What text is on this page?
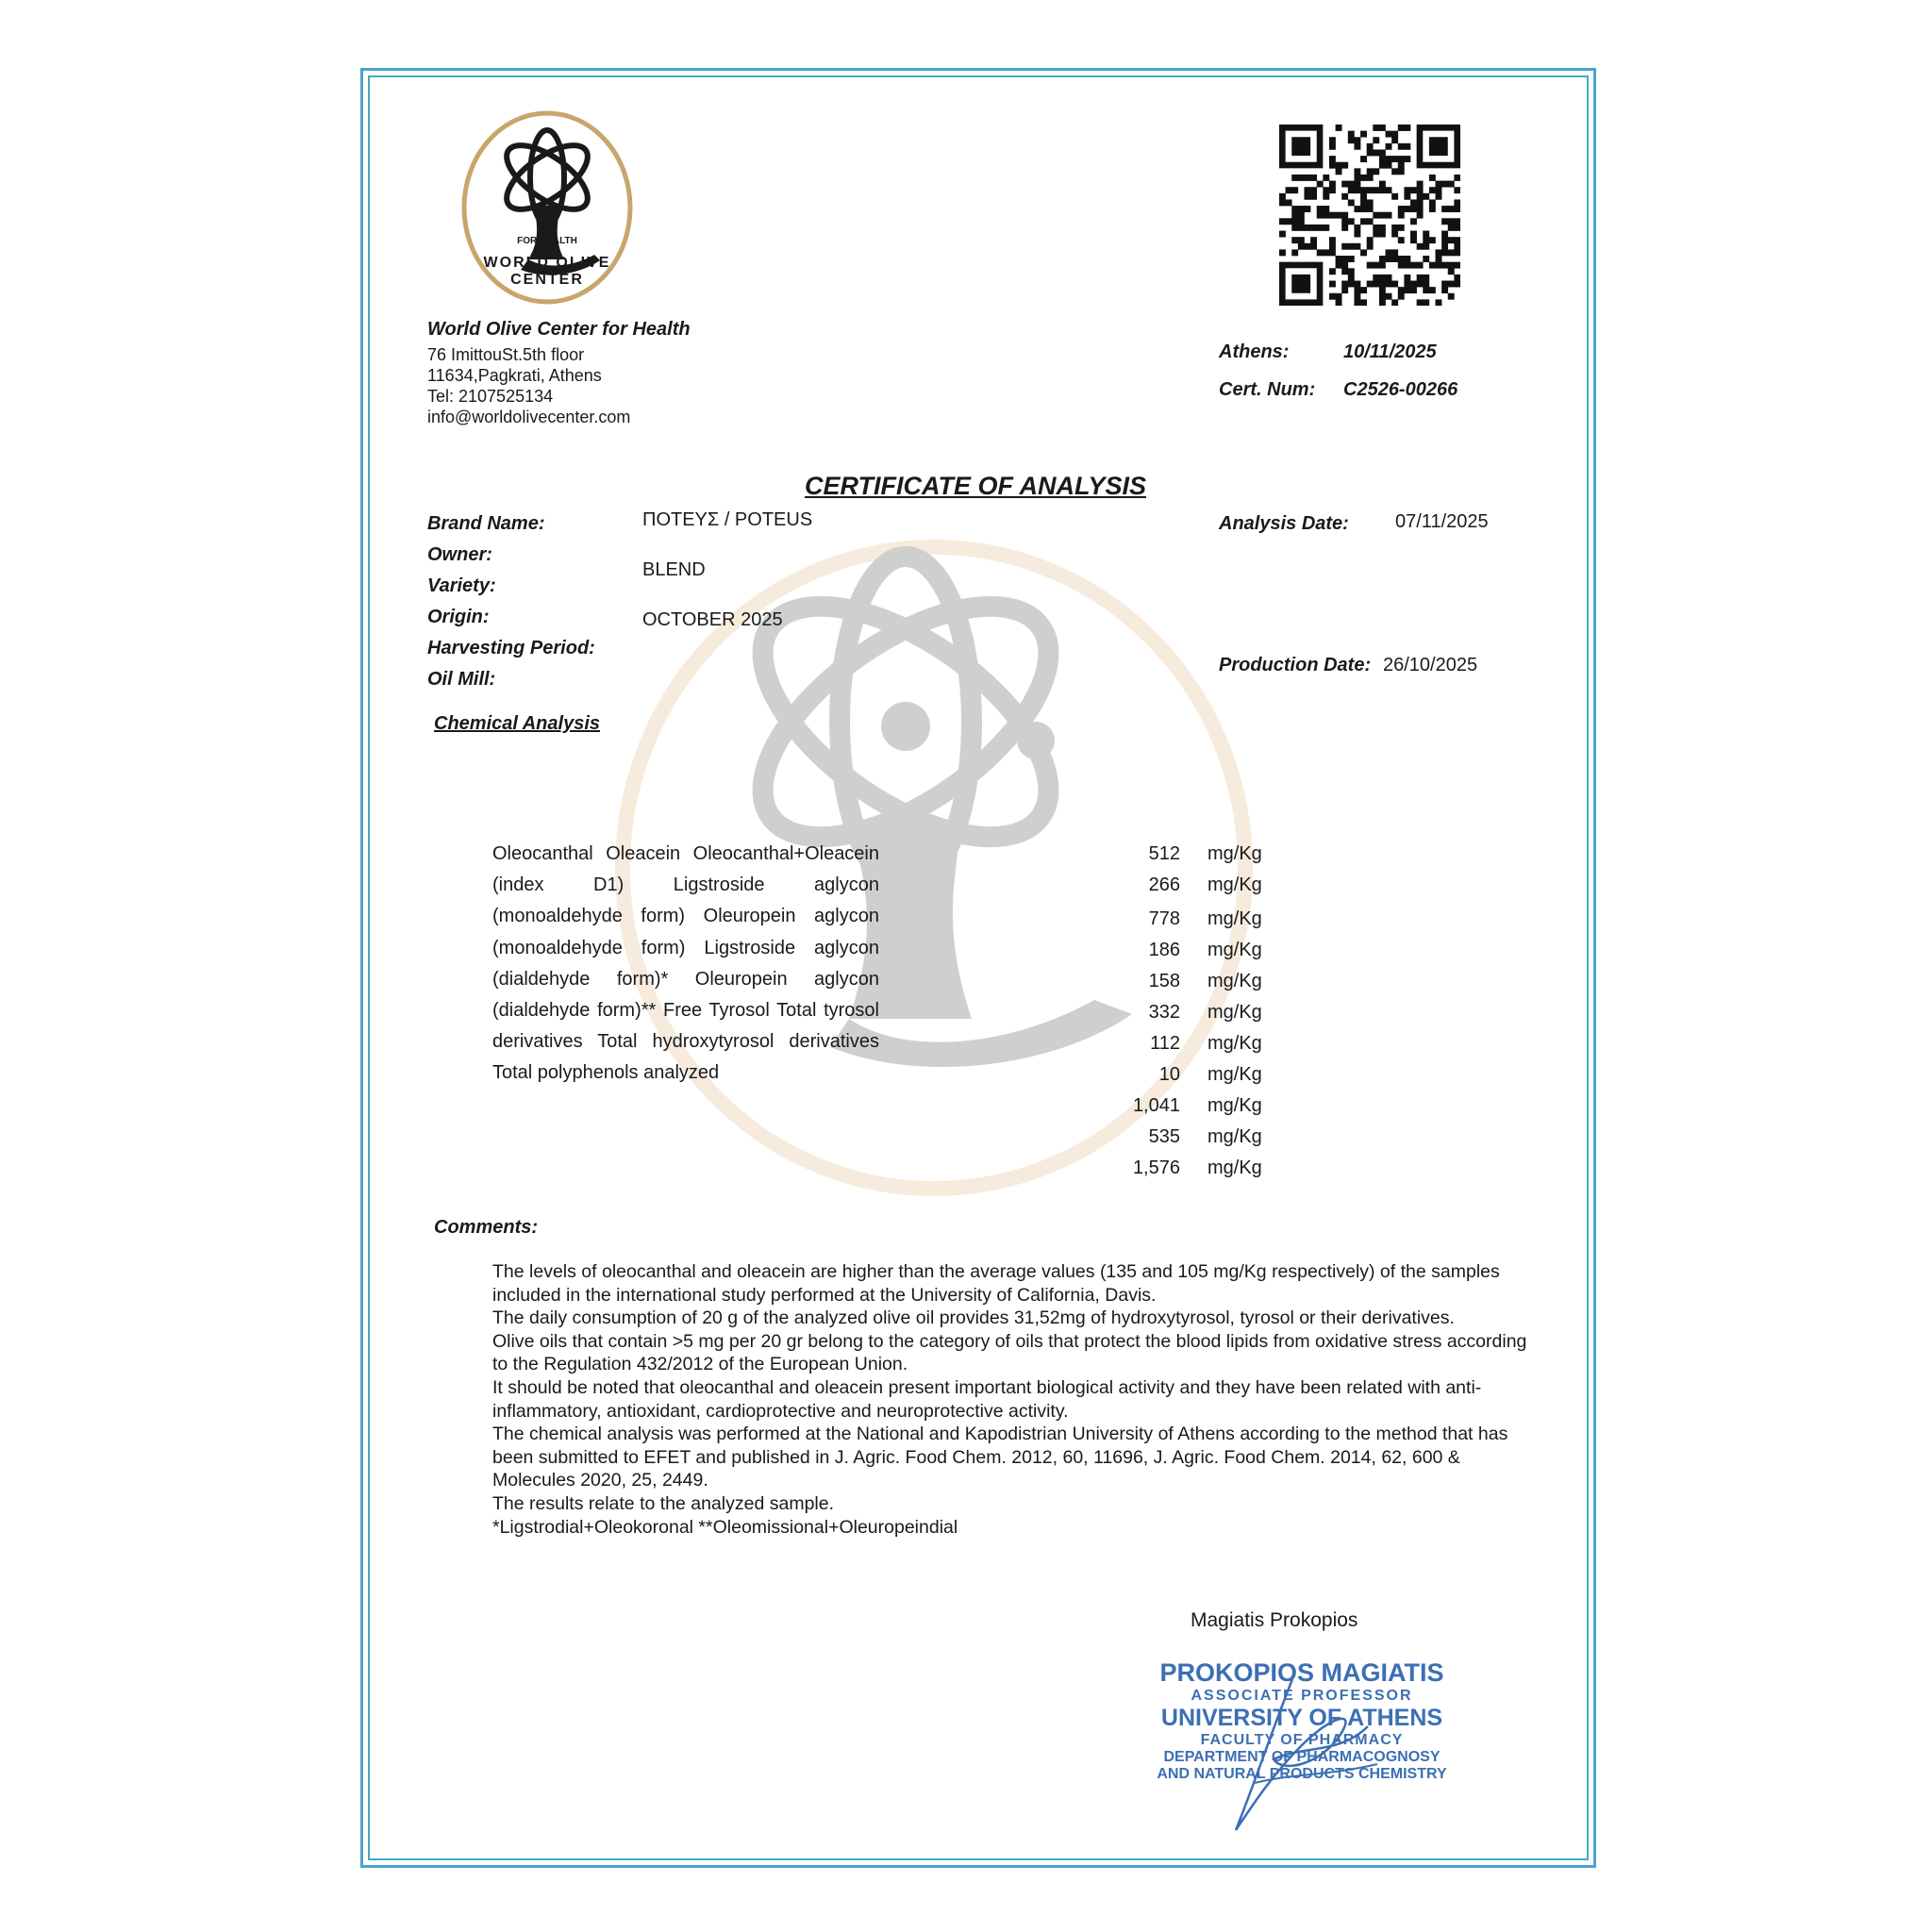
FOR HEALTH
WORLD OLIVE CENTER
World Olive Center for Health
76 ImittouSt.5th floor
11634,Pagkrati, Athens
Tel: 2107525134
info@worldolivecenter.com
Athens:	10/11/2025
Cert. Num: C2526-00266
CERTIFICATE OF ANALYSIS
Brand Name:
Owner:
Variety:
Origin:
Harvesting Period:
Oil Mill:
ΠΟΤΕΥΣ / POTEUS
BLEND
OCTOBER 2025
Analysis Date: 07/11/2025
Production Date: 26/10/2025
Chemical Analysis
Oleocanthal Oleacein Oleocanthal+Oleacein (index D1) Ligstroside aglycon (monoaldehyde form) Oleuropein aglycon (monoaldehyde form) Ligstroside aglycon (dialdehyde form)* Oleuropein aglycon (dialdehyde form)** Free Tyrosol Total tyrosol derivatives Total hydroxytyrosol derivatives Total polyphenols analyzed
512 mg/Kg
266 mg/Kg
778 mg/Kg
186 mg/Kg
158 mg/Kg
332 mg/Kg
112 mg/Kg
10 mg/Kg
1,041 mg/Kg
535 mg/Kg
1,576 mg/Kg
Comments:

The levels of oleocanthal and oleacein are higher than the average values (135 and 105 mg/Kg respectively) of the samples included in the international study performed at the University of California, Davis.

The daily consumption of 20 g of the analyzed olive oil provides 31,52mg of hydroxytyrosol, tyrosol or their derivatives.

Olive oils that contain >5 mg per 20 gr belong to the category of oils that protect the blood lipids from oxidative stress according to the Regulation 432/2012 of the European Union.

It should be noted that oleocanthal and oleacein present important biological activity and they have been related with anti-inflammatory, antioxidant, cardioprotective and neuroprotective activity.

The chemical analysis was performed at the National and Kapodistrian University of Athens according to the method that has been submitted to EFET and published in J. Agric. Food Chem. 2012, 60, 11696, J. Agric. Food Chem. 2014, 62, 600 & Molecules 2020, 25, 2449.

The results relate to the analyzed sample.

*Ligstrodial+Oleokoronal **Oleomissional+Oleuropeindial

Magiatis Prokopios
PROKOPIOS MAGIATIS
ASSOCIATE PROFESSOR
UNIVERSITY OF ATHENS
FACULTY OF PHARMACY
DEPARTMENT OF PHARMACOGNOSY
AND NATURAL PRODUCTS CHEMISTRY
